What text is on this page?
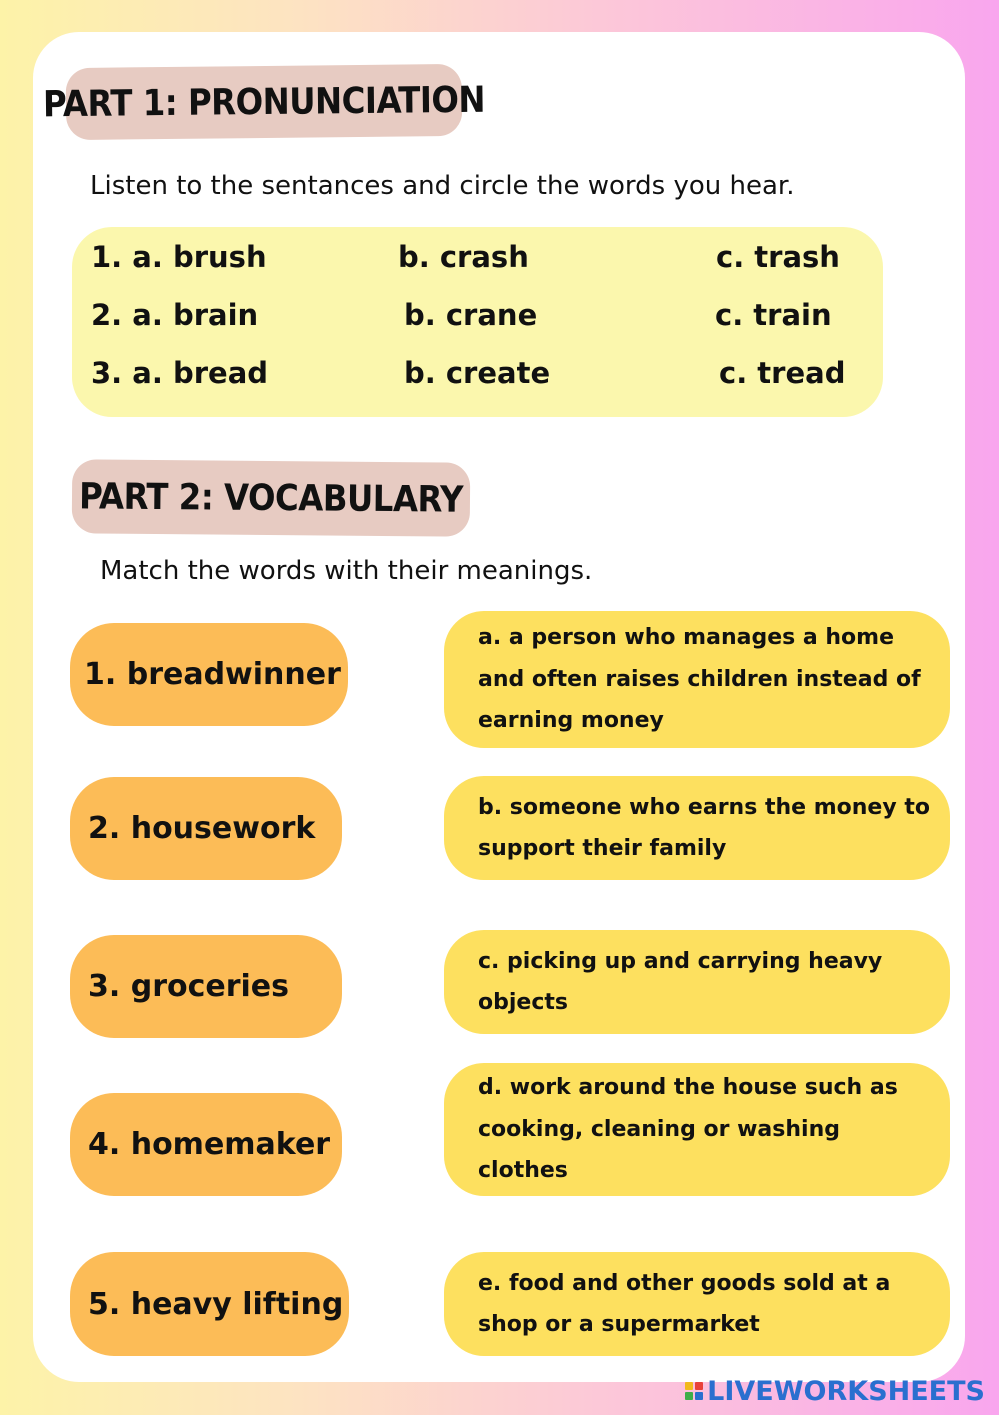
PART 1: PRONUNCIATION
Listen to the sentances and circle the words you hear.
1. a. brush	b. crash	c. trash
2. a. brain	b. crane	c. train
3. a. bread	b. create	c. tread
PART 2: VOCABULARY
Match the words with their meanings.
1. breadwinner
2. housework
3. groceries
4. homemaker
5. heavy lifting
a. a person who manages a home and often raises children instead of earning money
b. someone who earns the money to support their family
c. picking up and carrying heavy objects
d. work around the house such as cooking, cleaning or washing clothes
e. food and other goods sold at a shop or a supermarket
LIVEWORKSHEETS
